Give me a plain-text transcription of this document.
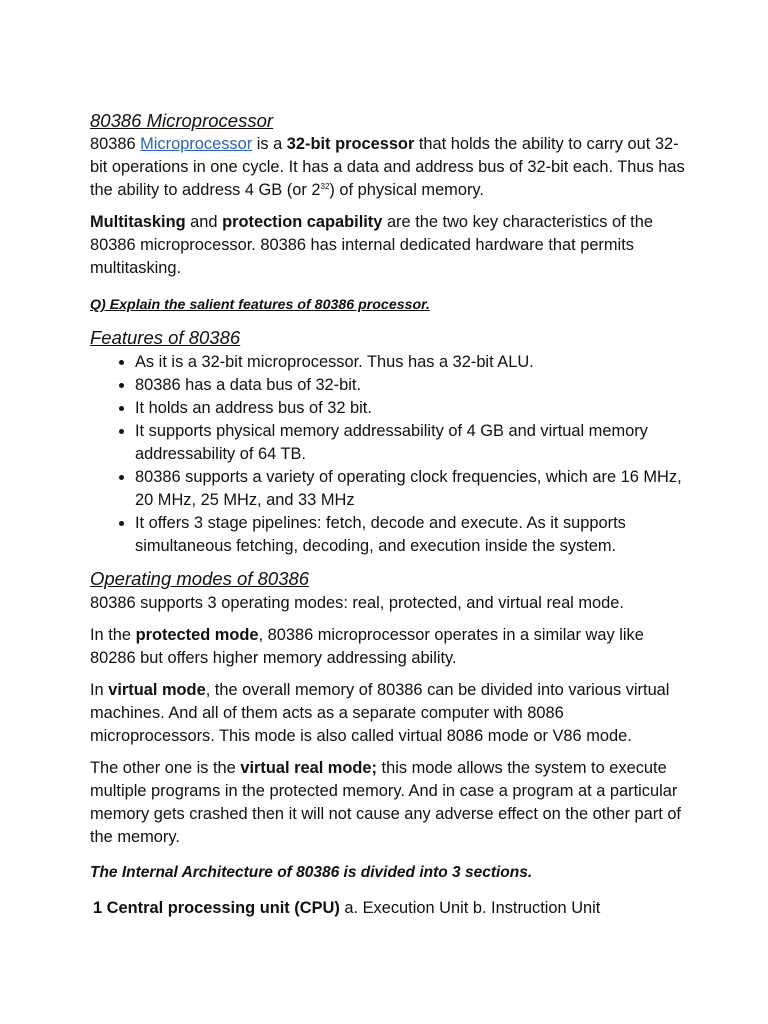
80386 Microprocessor

80386 Microprocessor is a 32-bit processor that holds the ability to carry out 32-bit operations in one cycle. It has a data and address bus of 32-bit each. Thus has the ability to address 4 GB (or $2^{32}$) of physical memory.

Multitasking and protection capability are the two key characteristics of the 80386 microprocessor. 80386 has internal dedicated hardware that permits multitasking.

Q) Explain the salient features of 80386 processor.
Features of 80386
• As it is a 32-bit microprocessor. Thus has a 32-bit ALU.
• 80386 has a data bus of 32-bit.
• It holds an address bus of 32 bit.
• It supports physical memory addressability of 4 GB and virtual memory addressability of 64 TB.
• 80386 supports a variety of operating clock frequencies, which are 16 MHz, 20 MHz, 25 MHz, and 33 MHz
• It offers 3 stage pipelines: fetch, decode and execute. As it supports simultaneous fetching, decoding, and execution inside the system.
Operating modes of 80386

80386 supports 3 operating modes: real, protected, and virtual real mode.

In the protected mode, 80386 microprocessor operates in a similar way like 80286 but offers higher memory addressing ability.

In virtual mode, the overall memory of 80386 can be divided into various virtual machines. And all of them acts as a separate computer with 8086 microprocessors. This mode is also called virtual 8086 mode or V86 mode.

The other one is the virtual real mode; this mode allows the system to execute multiple programs in the protected memory. And in case a program at a particular memory gets crashed then it will not cause any adverse effect on the other part of the memory.

The Internal Architecture of 80386 is divided into 3 sections.

1 Central processing unit (CPU) a. Execution Unit b. Instruction Unit
